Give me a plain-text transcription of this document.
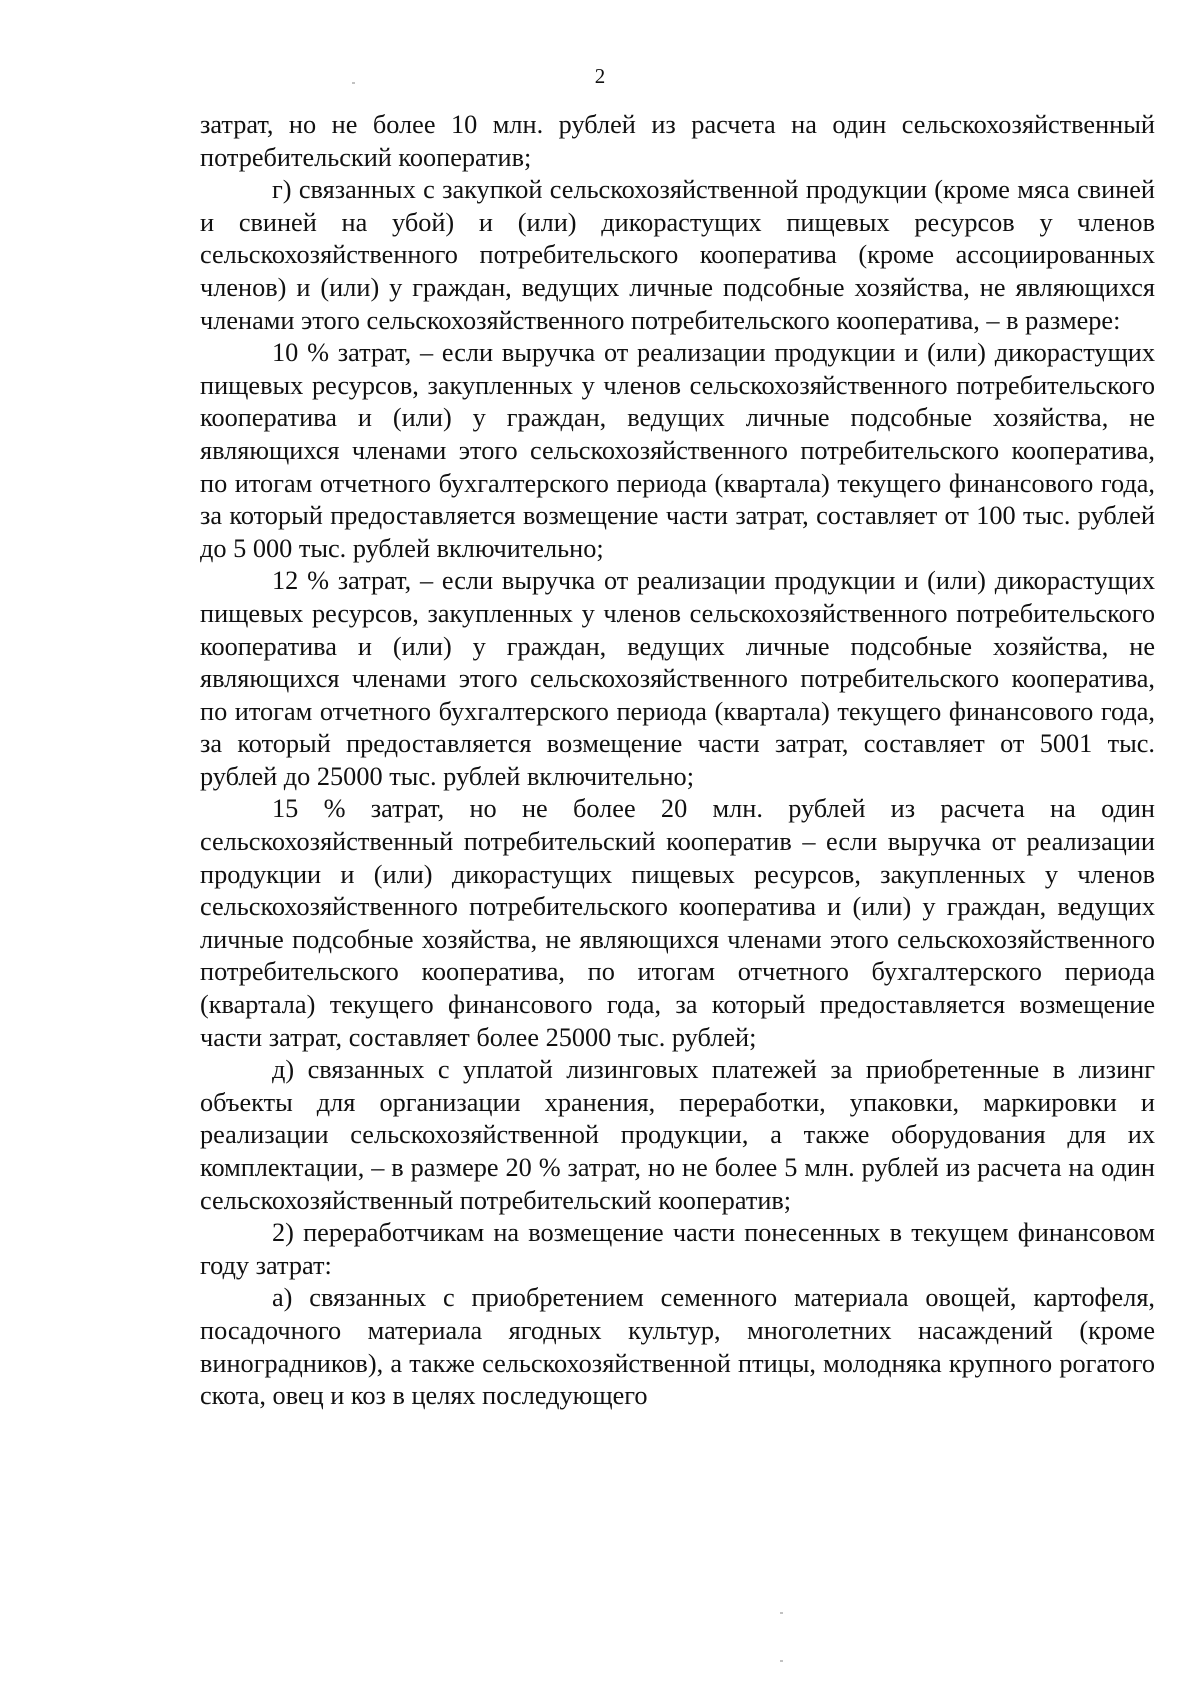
2

затрат, но не более 10 млн. рублей из расчета на один сельскохозяйственный потребительский кооператив;

г) связанных с закупкой сельскохозяйственной продукции (кроме мяса свиней и свиней на убой) и (или) дикорастущих пищевых ресурсов у членов сельскохозяйственного потребительского кооператива (кроме ассоциированных членов) и (или) у граждан, ведущих личные подсобные хозяйства, не являющихся членами этого сельскохозяйственного потребительского кооператива, – в размере:

10 % затрат, – если выручка от реализации продукции и (или) дикорастущих пищевых ресурсов, закупленных у членов сельскохозяйственного потребительского кооператива и (или) у граждан, ведущих личные подсобные хозяйства, не являющихся членами этого сельскохозяйственного потребительского кооператива, по итогам отчетного бухгалтерского периода (квартала) текущего финансового года, за который предоставляется возмещение части затрат, составляет от 100 тыс. рублей до 5 000 тыс. рублей включительно;

12 % затрат, – если выручка от реализации продукции и (или) дикорастущих пищевых ресурсов, закупленных у членов сельскохозяйственного потребительского кооператива и (или) у граждан, ведущих личные подсобные хозяйства, не являющихся членами этого сельскохозяйственного потребительского кооператива, по итогам отчетного бухгалтерского периода (квартала) текущего финансового года, за который предоставляется возмещение части затрат, составляет от 5001 тыс. рублей до 25000 тыс. рублей включительно;

15 % затрат, но не более 20 млн. рублей из расчета на один сельскохозяйственный потребительский кооператив – если выручка от реализации продукции и (или) дикорастущих пищевых ресурсов, закупленных у членов сельскохозяйственного потребительского кооператива и (или) у граждан, ведущих личные подсобные хозяйства, не являющихся членами этого сельскохозяйственного потребительского кооператива, по итогам отчетного бухгалтерского периода (квартала) текущего финансового года, за который предоставляется возмещение части затрат, составляет более 25000 тыс. рублей;

д) связанных с уплатой лизинговых платежей за приобретенные в лизинг объекты для организации хранения, переработки, упаковки, маркировки и реализации сельскохозяйственной продукции, а также оборудования для их комплектации, – в размере 20 % затрат, но не более 5 млн. рублей из расчета на один сельскохозяйственный потребительский кооператив;

2) переработчикам на возмещение части понесенных в текущем финансовом году затрат:

а) связанных с приобретением семенного материала овощей, картофеля, посадочного материала ягодных культур, многолетних насаждений (кроме виноградников), а также сельскохозяйственной птицы, молодняка крупного рогатого скота, овец и коз в целях последующего
